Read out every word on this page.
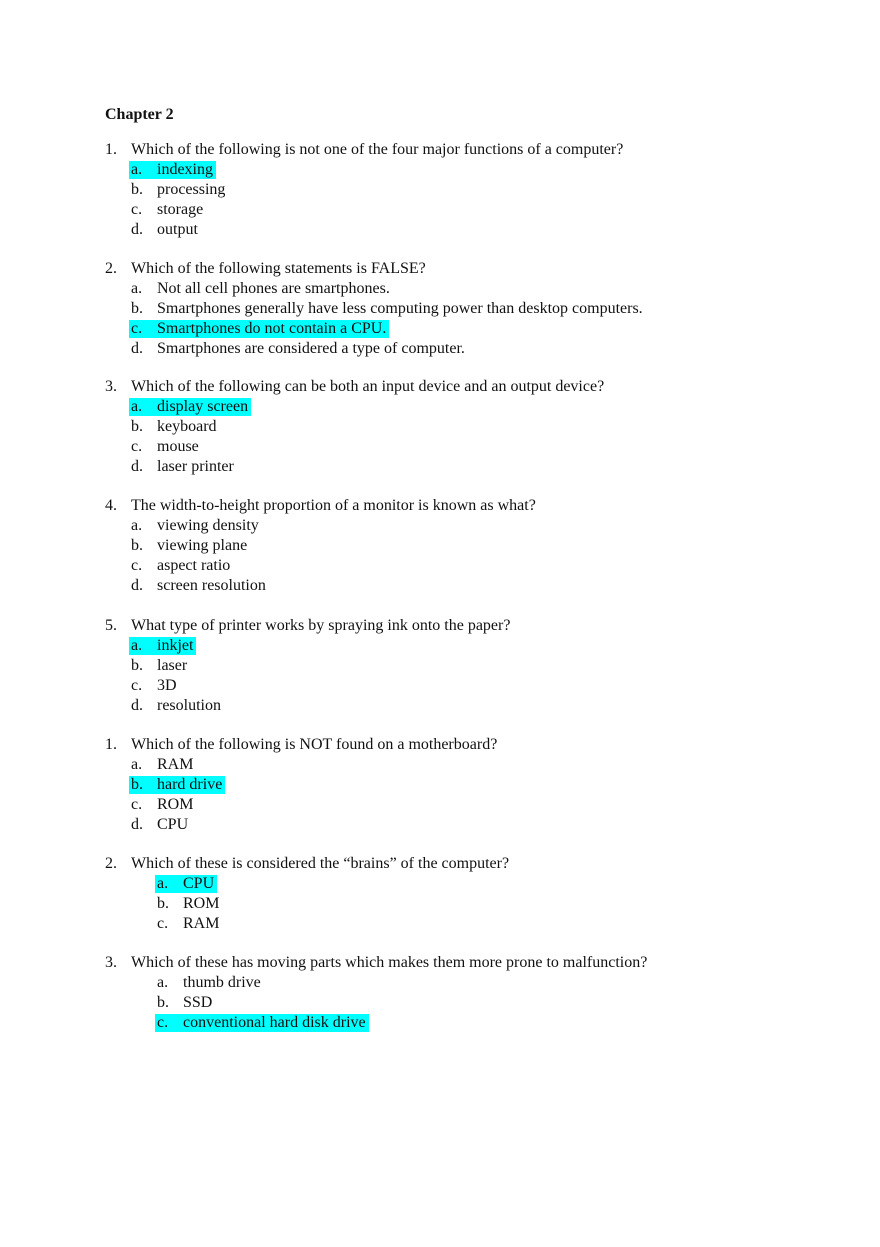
Chapter 2
1. Which of the following is not one of the four major functions of a computer?
a. indexing
b. processing
c. storage
d. output
2. Which of the following statements is FALSE?
a. Not all cell phones are smartphones.
b. Smartphones generally have less computing power than desktop computers.
c. Smartphones do not contain a CPU.
d. Smartphones are considered a type of computer.
3. Which of the following can be both an input device and an output device?
a. display screen
b. keyboard
c. mouse
d. laser printer
4. The width-to-height proportion of a monitor is known as what?
a. viewing density
b. viewing plane
c. aspect ratio
d. screen resolution
5. What type of printer works by spraying ink onto the paper?
a. inkjet
b. laser
c. 3D
d. resolution
1. Which of the following is NOT found on a motherboard?
a. RAM
b. hard drive
c. ROM
d. CPU
2. Which of these is considered the “brains” of the computer?
a. CPU
b. ROM
c. RAM
3. Which of these has moving parts which makes them more prone to malfunction?
a. thumb drive
b. SSD
c. conventional hard disk drive
